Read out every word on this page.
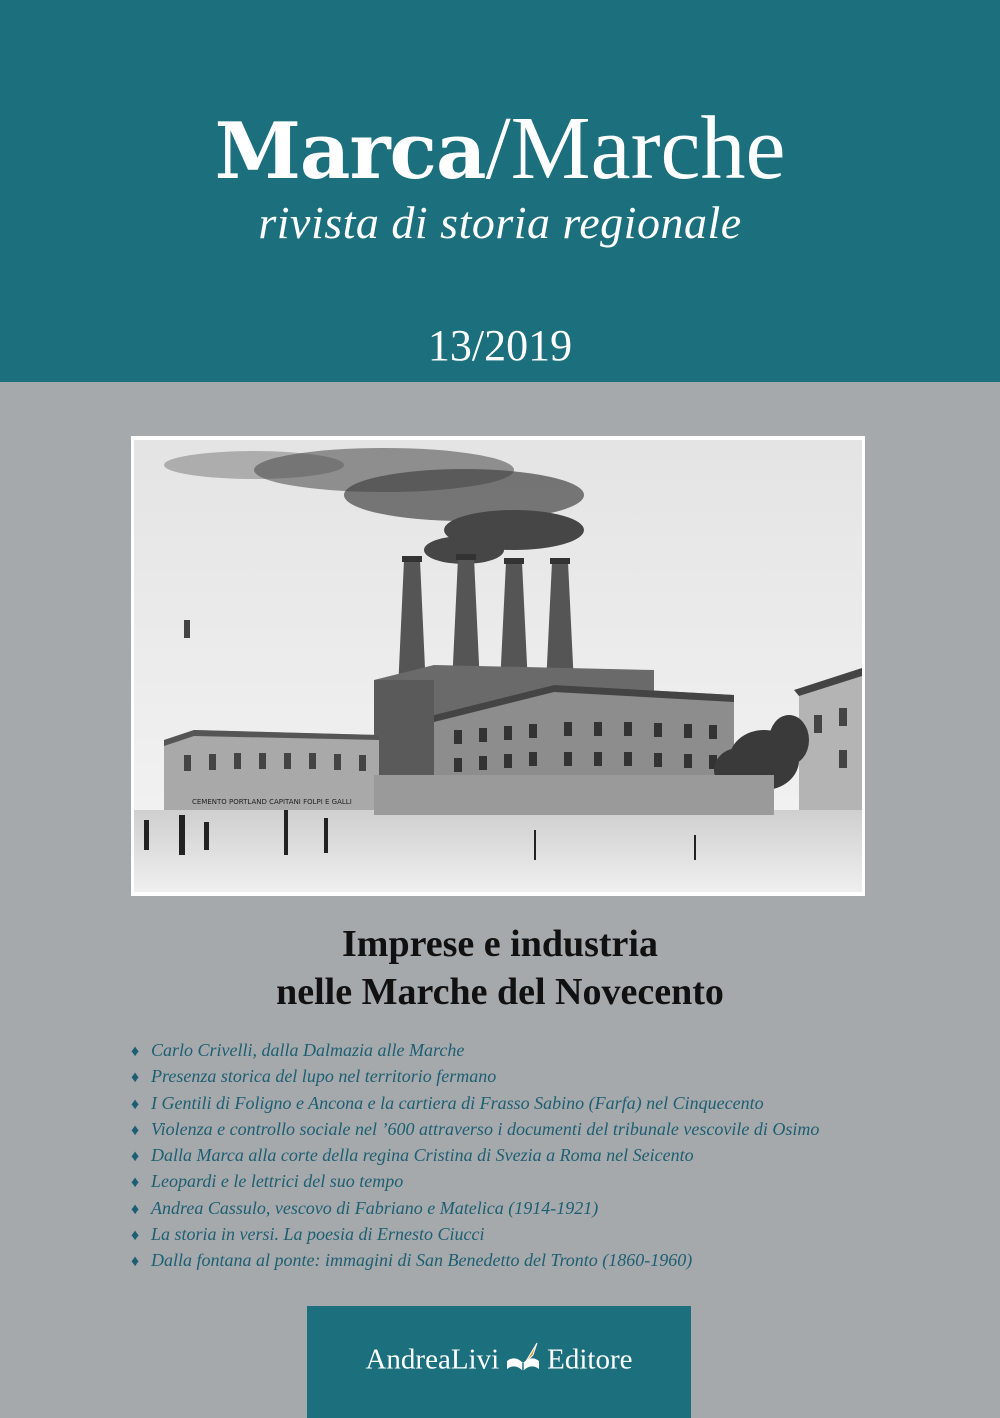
Marca/Marche
rivista di storia regionale
13/2019
CEMENTO PORTLAND CAPITANI FOLPI E GALLI
Imprese e industria
nelle Marche del Novecento
♦ Carlo Crivelli, dalla Dalmazia alle Marche
♦ Presenza storica del lupo nel territorio fermano
♦ I Gentili di Foligno e Ancona e la cartiera di Frasso Sabino (Farfa) nel Cinquecento
♦ Violenza e controllo sociale nel ’600 attraverso i documenti del tribunale vescovile di Osimo
♦ Dalla Marca alla corte della regina Cristina di Svezia a Roma nel Seicento
♦ Leopardi e le lettrici del suo tempo
♦ Andrea Cassulo, vescovo di Fabriano e Matelica (1914-1921)
♦ La storia in versi. La poesia di Ernesto Ciucci
♦ Dalla fontana al ponte: immagini di San Benedetto del Tronto (1860-1960)
AndreaLivi Editore
